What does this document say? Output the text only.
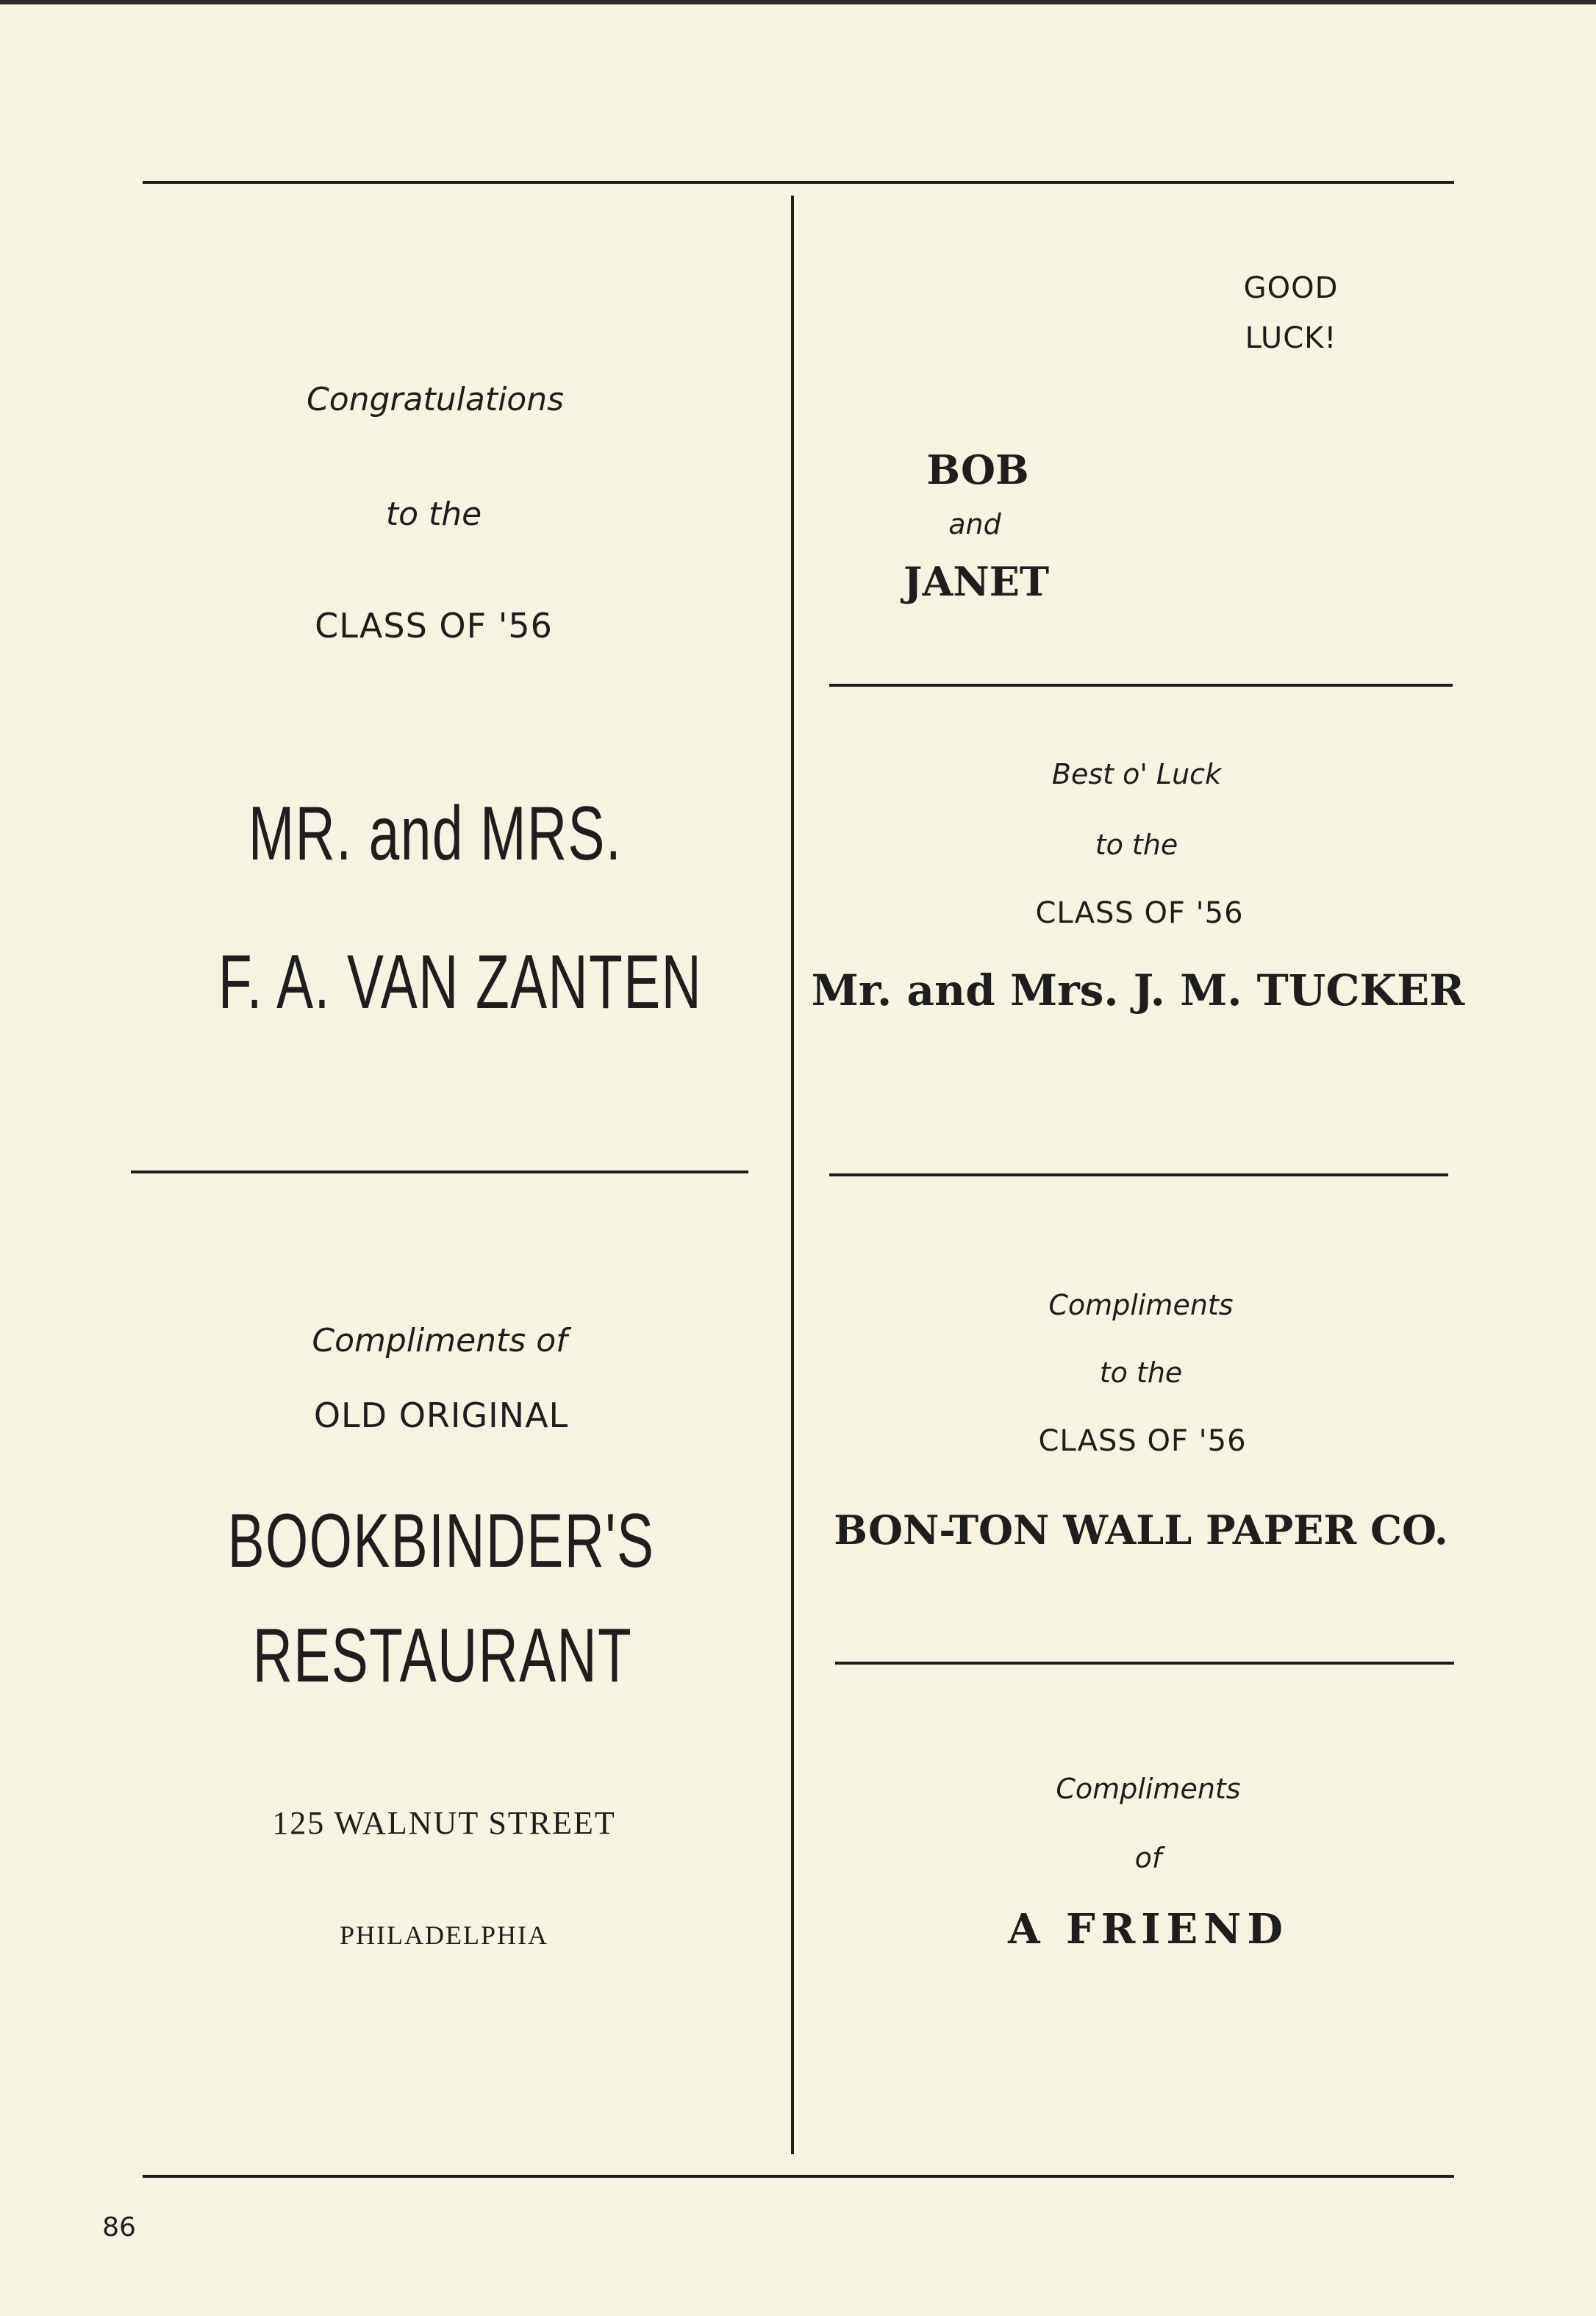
Congratulations
to the
CLASS OF '56
MR. and MRS.
F. A. VAN ZANTEN
GOOD
LUCK!
BOB
and
JANET
Best o' Luck
to the
CLASS OF '56
Mr. and Mrs. J. M. TUCKER
Compliments of
OLD ORIGINAL
BOOKBINDER'S
RESTAURANT
125 WALNUT STREET
PHILADELPHIA
Compliments
to the
CLASS OF '56
BON-TON WALL PAPER CO.
Compliments
of
A FRIEND
86
